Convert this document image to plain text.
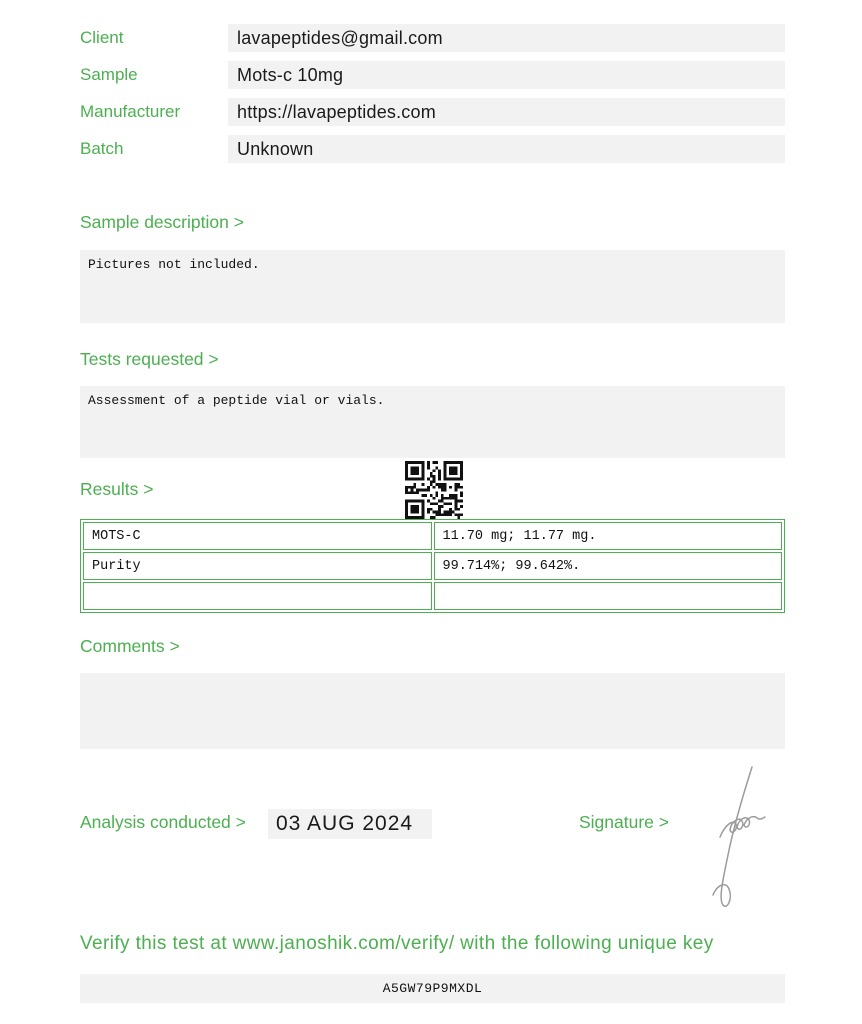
Client	lavapeptides@gmail.com
Sample	Mots-c 10mg
Manufacturer	https://lavapeptides.com
Batch	Unknown
Sample description >
Pictures not included.
Tests requested >
Assessment of a peptide vial or vials.
Results >
MOTS-C	11.70 mg; 11.77 mg.
Purity	99.714%; 99.642%.

Comments >
Analysis conducted >	03 AUG 2024	Signature >
Verify this test at www.janoshik.com/verify/ with the following unique key
A5GW79P9MXDL
